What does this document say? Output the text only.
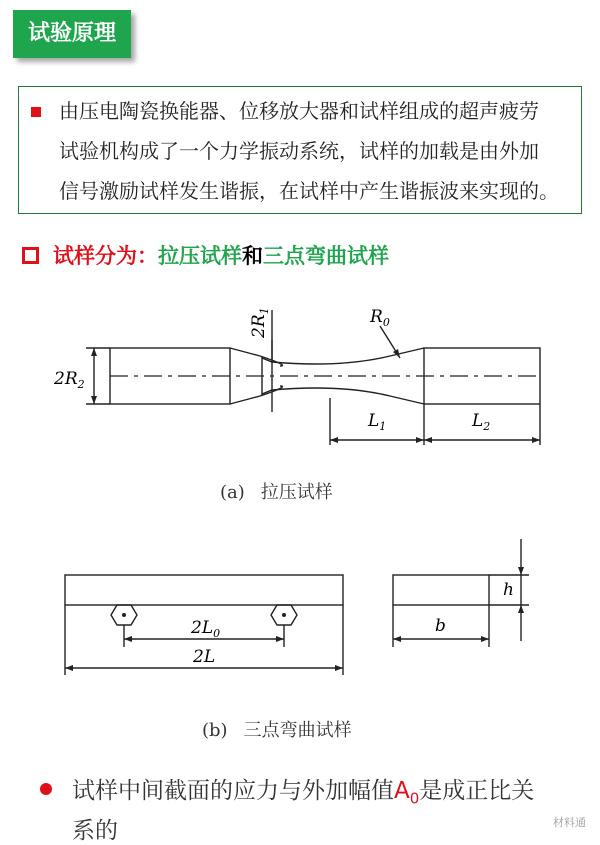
试验原理
由压电陶瓷换能器、位移放大器和试样组成的超声疲劳
试验机构成了一个力学振动系统，试样的加载是由外加
信号激励试样发生谐振，在试样中产生谐振波来实现的。
试样分为：拉压试样和三点弯曲试样
$2R_2$
$2R_1$	$R_0$
$L_1$	$L_2$
(a) 拉压试样
$2L_0$
2L
b
h
(b) 三点弯曲试样
试样中间截面的应力与外加幅值$A_0$是成正比关
系的	材料通
